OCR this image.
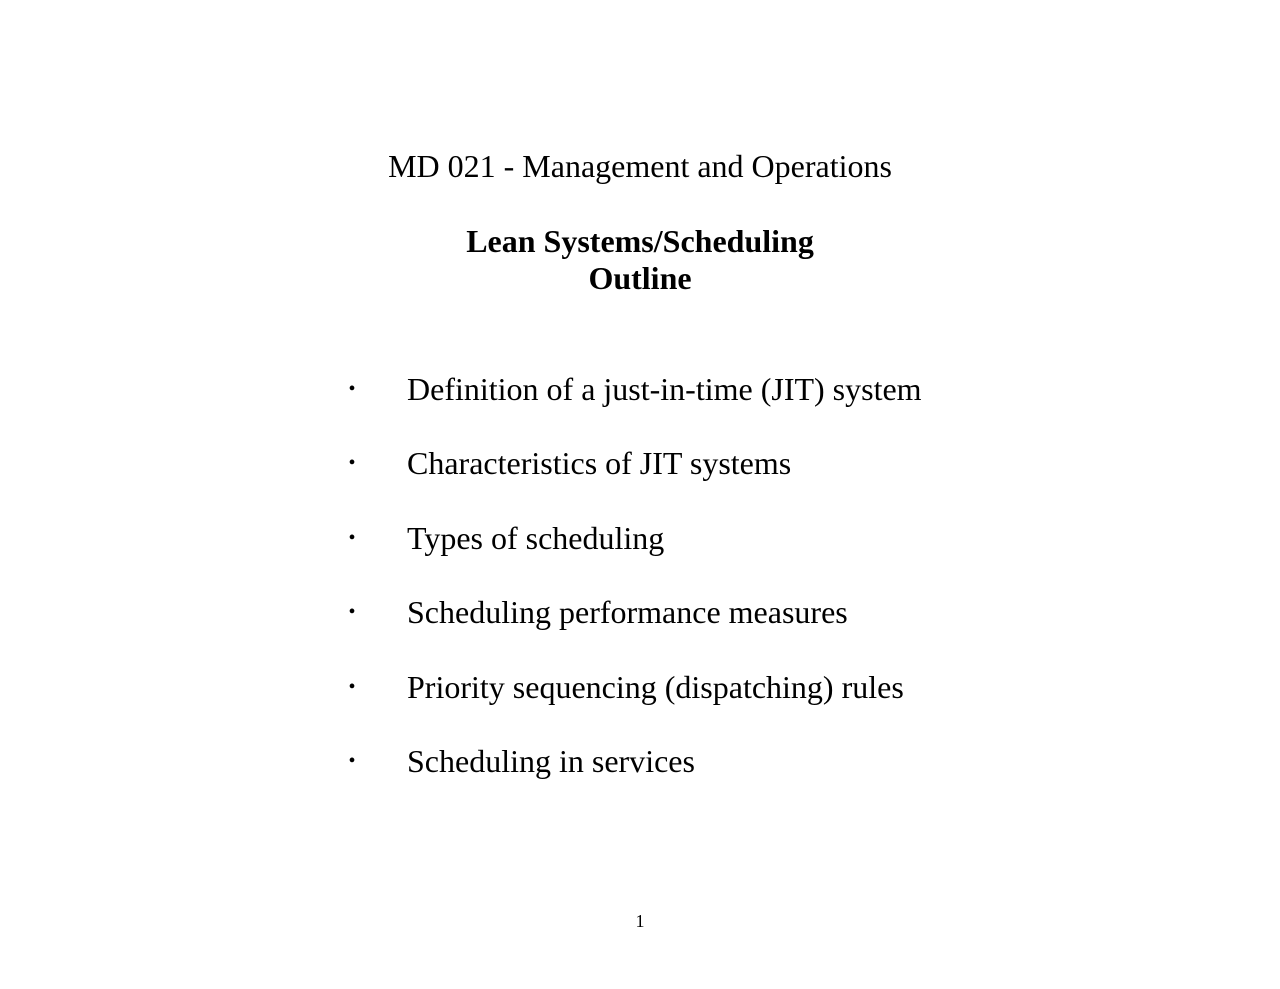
MD 021 - Management and Operations
Lean Systems/Scheduling
Outline
• Definition of a just-in-time (JIT) system
• Characteristics of JIT systems
• Types of scheduling
• Scheduling performance measures
• Priority sequencing (dispatching) rules
• Scheduling in services
1
